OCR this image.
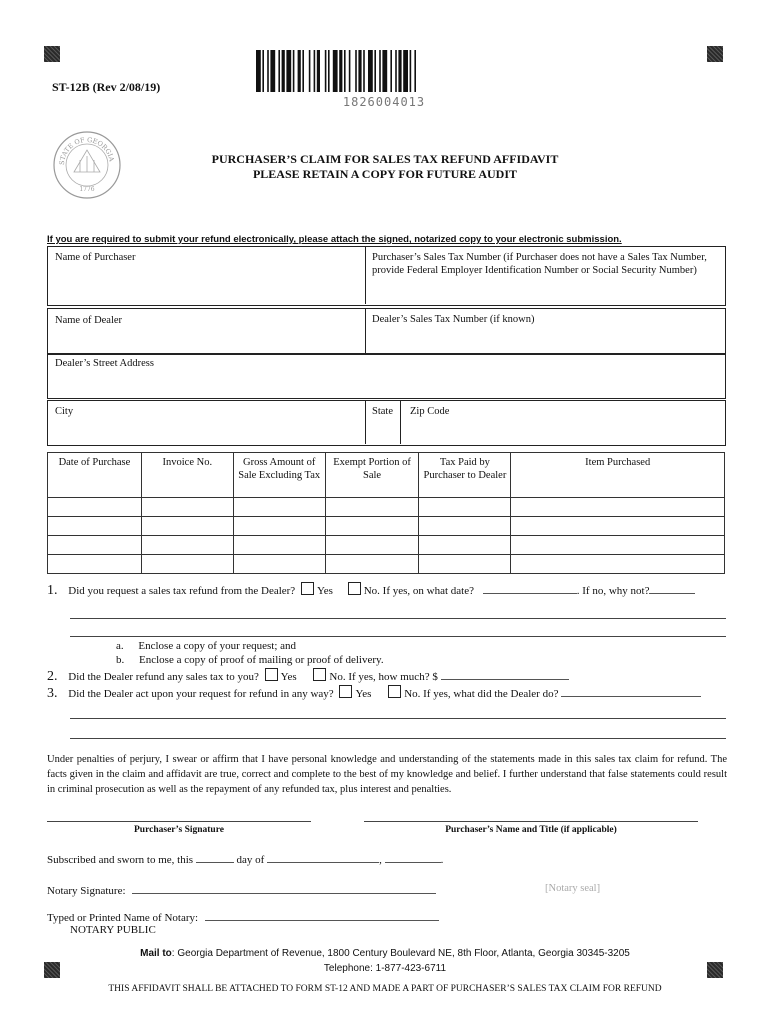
ST-12B (Rev 2/08/19)
1826004013
STATE OF GEORGIA
1776
PURCHASER’S CLAIM FOR SALES TAX REFUND AFFIDAVIT
PLEASE RETAIN A COPY FOR FUTURE AUDIT
If you are required to submit your refund electronically, please attach the signed, notarized copy to your electronic submission.
Name of Purchaser	Purchaser’s Sales Tax Number (if Purchaser does not have a Sales Tax Number, provide Federal Employer Identification Number or Social Security Number)
Name of Dealer	Dealer’s Sales Tax Number (if known)
Dealer’s Street Address
City	State Zip Code
Date of Purchase	Invoice No.	Gross Amount of Sale Excluding Tax	Exempt Portion of Sale	Tax Paid by Purchaser to Dealer	Item Purchased

1. Did you request a sales tax refund from the Dealer? Yes	No. If yes, on what date?	. If no, why not?
a. Enclose a copy of your request; and
b. Enclose a copy of proof of mailing or proof of delivery.
2. Did the Dealer refund any sales tax to you? Yes	No. If yes, how much? $
3. Did the Dealer act upon your request for refund in any way? Yes	No. If yes, what did the Dealer do?
Under penalties of perjury, I swear or affirm that I have personal knowledge and understanding of the statements made in this sales tax claim for refund. The facts given in the claim and affidavit are true, correct and complete to the best of my knowledge and belief. I further understand that false statements could result in criminal prosecution as well as the repayment of any refunded tax, plus interest and penalties.
Purchaser’s Signature	Purchaser’s Name and Title (if applicable)
Subscribed and sworn to me, this	day of	,	.
Notary Signature:	[Notary seal]
Typed or Printed Name of Notary:
NOTARY PUBLIC
Mail to: Georgia Department of Revenue, 1800 Century Boulevard NE, 8th Floor, Atlanta, Georgia 30345-3205
Telephone: 1-877-423-6711
THIS AFFIDAVIT SHALL BE ATTACHED TO FORM ST-12 AND MADE A PART OF PURCHASER’S SALES TAX CLAIM FOR REFUND
